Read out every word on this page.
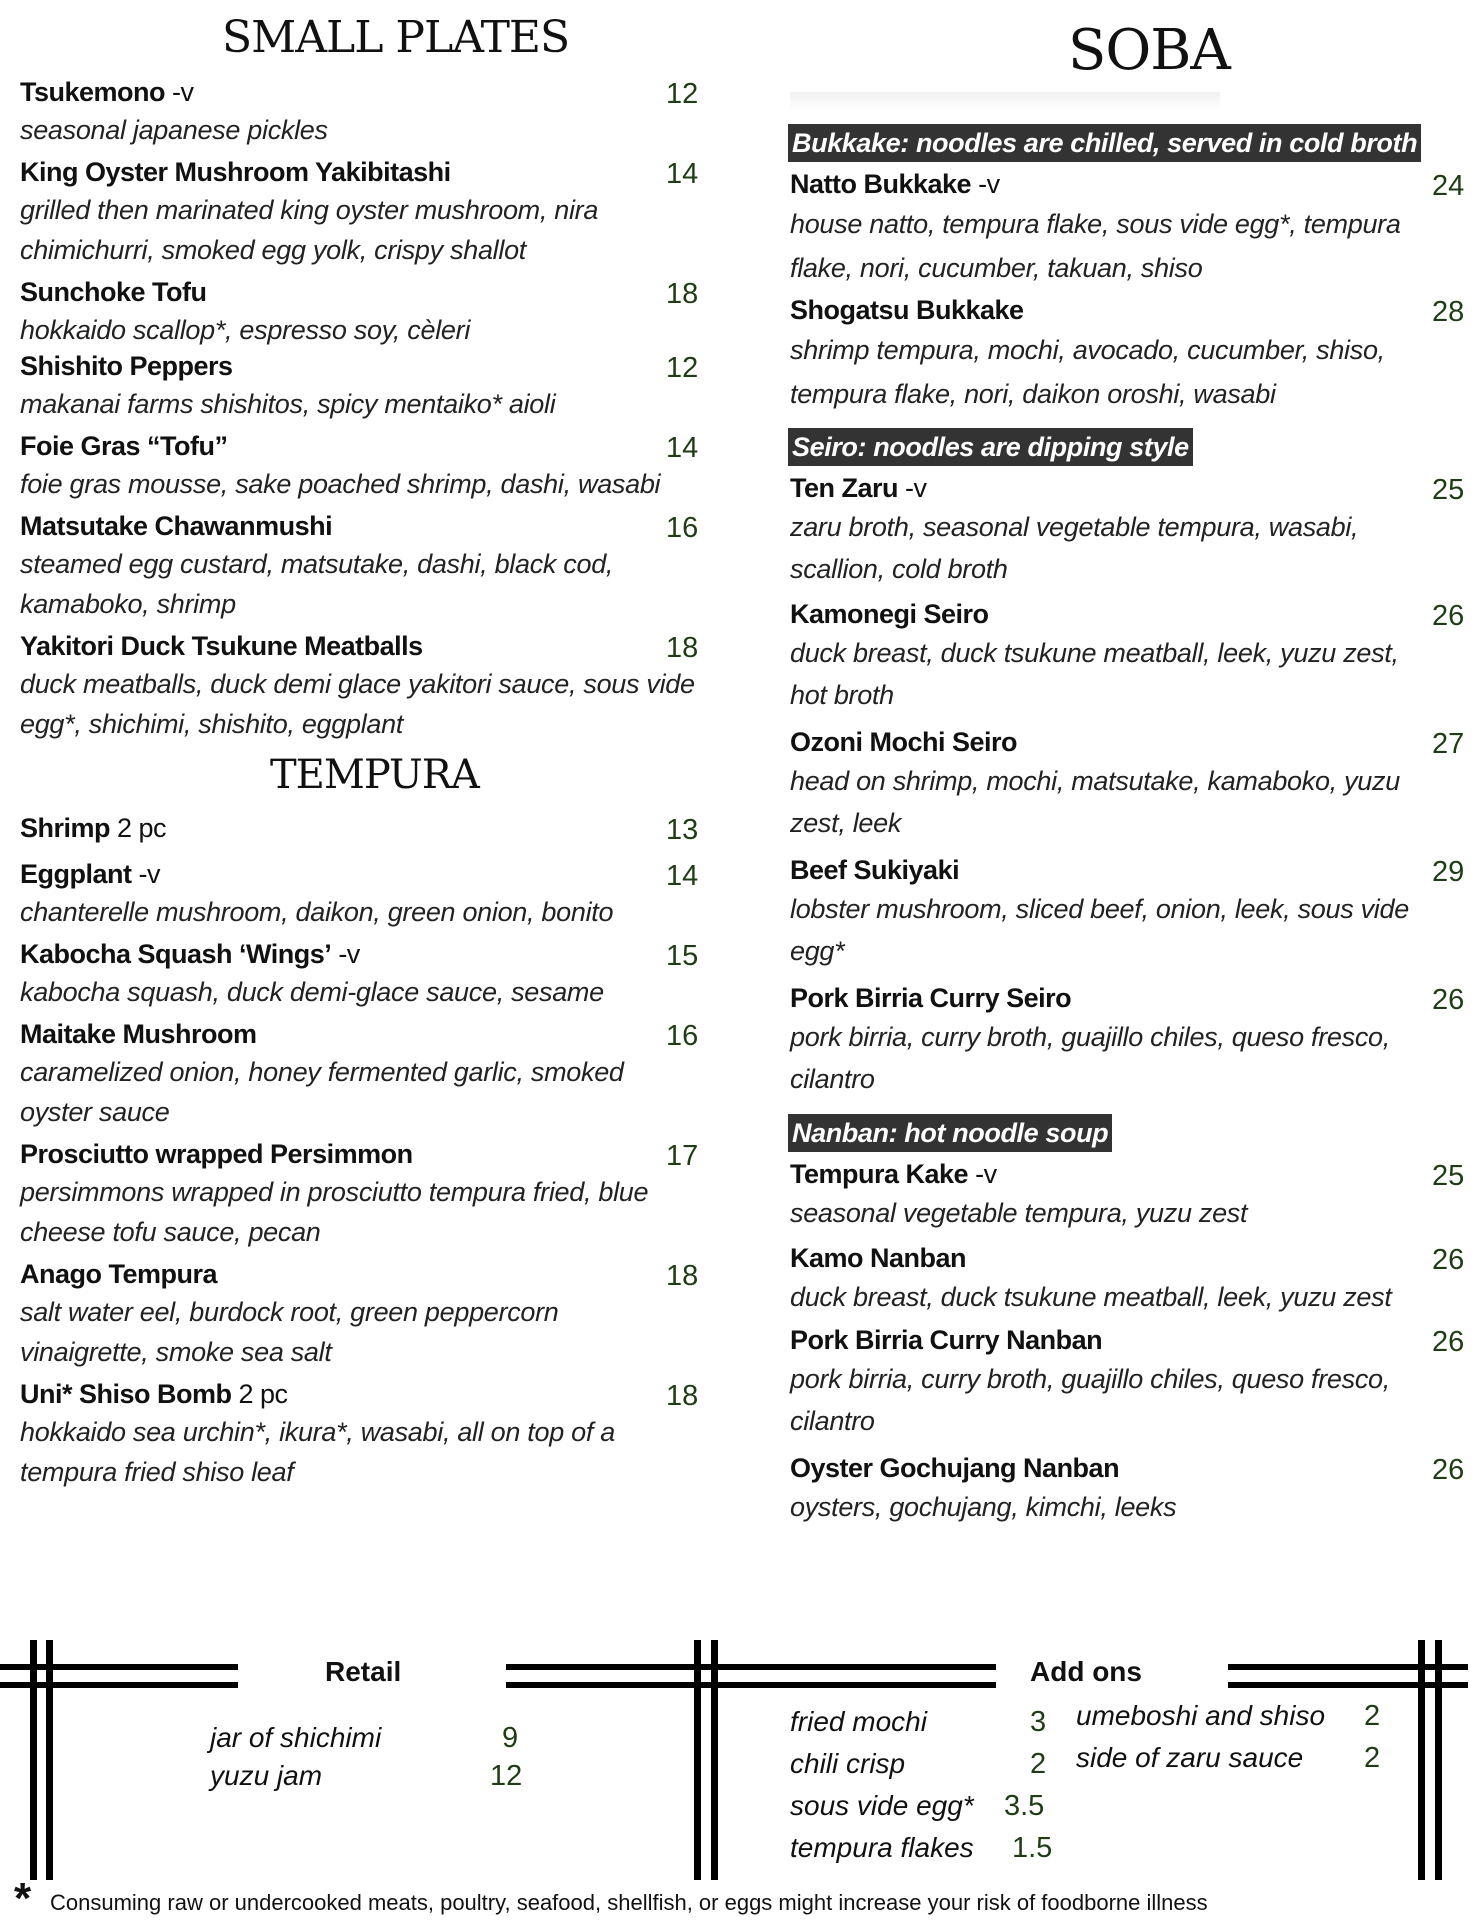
SMALL PLATES
Tsukemono -v	12
seasonal japanese pickles
King Oyster Mushroom Yakibitashi	14
grilled then marinated king oyster mushroom, nira
chimichurri, smoked egg yolk, crispy shallot
Sunchoke Tofu	18
hokkaido scallop*, espresso soy, cèleri
Shishito Peppers	12
makanai farms shishitos, spicy mentaiko* aioli
Foie Gras “Tofu”	14
foie gras mousse, sake poached shrimp, dashi, wasabi
Matsutake Chawanmushi	16
steamed egg custard, matsutake, dashi, black cod,
kamaboko, shrimp
Yakitori Duck Tsukune Meatballs	18
duck meatballs, duck demi glace yakitori sauce, sous vide
egg*, shichimi, shishito, eggplant
TEMPURA
Shrimp 2 pc	13
Eggplant -v	14
chanterelle mushroom, daikon, green onion, bonito
Kabocha Squash ‘Wings’ -v	15
kabocha squash, duck demi-glace sauce, sesame
Maitake Mushroom	16
caramelized onion, honey fermented garlic, smoked
oyster sauce
Prosciutto wrapped Persimmon	17
persimmons wrapped in prosciutto tempura fried, blue
cheese tofu sauce, pecan
Anago Tempura	18
salt water eel, burdock root, green peppercorn
vinaigrette, smoke sea salt
Uni* Shiso Bomb 2 pc	18
hokkaido sea urchin*, ikura*, wasabi, all on top of a
tempura fried shiso leaf
SOBA
Bukkake: noodles are chilled, served in cold broth
Natto Bukkake -v	24
house natto, tempura flake, sous vide egg*, tempura
flake, nori, cucumber, takuan, shiso
Shogatsu Bukkake	28
shrimp tempura, mochi, avocado, cucumber, shiso,
tempura flake, nori, daikon oroshi, wasabi
Seiro: noodles are dipping style
Ten Zaru -v	25
zaru broth, seasonal vegetable tempura, wasabi,
scallion, cold broth
Kamonegi Seiro	26
duck breast, duck tsukune meatball, leek, yuzu zest,
hot broth
Ozoni Mochi Seiro	27
head on shrimp, mochi, matsutake, kamaboko, yuzu
zest, leek
Beef Sukiyaki	29
lobster mushroom, sliced beef, onion, leek, sous vide
egg*
Pork Birria Curry Seiro	26
pork birria, curry broth, guajillo chiles, queso fresco,
cilantro
Nanban: hot noodle soup
Tempura Kake -v	25
seasonal vegetable tempura, yuzu zest
Kamo Nanban	26
duck breast, duck tsukune meatball, leek, yuzu zest
Pork Birria Curry Nanban	26
pork birria, curry broth, guajillo chiles, queso fresco,
cilantro
Oyster Gochujang Nanban	26
oysters, gochujang, kimchi, leeks
Retail
jar of shichimi	9
yuzu jam	12
Add ons
fried mochi	3
chili crisp	2
sous vide egg* 3.5
tempura flakes 1.5
umeboshi and shiso 2
side of zaru sauce 2
* Consuming raw or undercooked meats, poultry, seafood, shellfish, or eggs might increase your risk of foodborne illness
